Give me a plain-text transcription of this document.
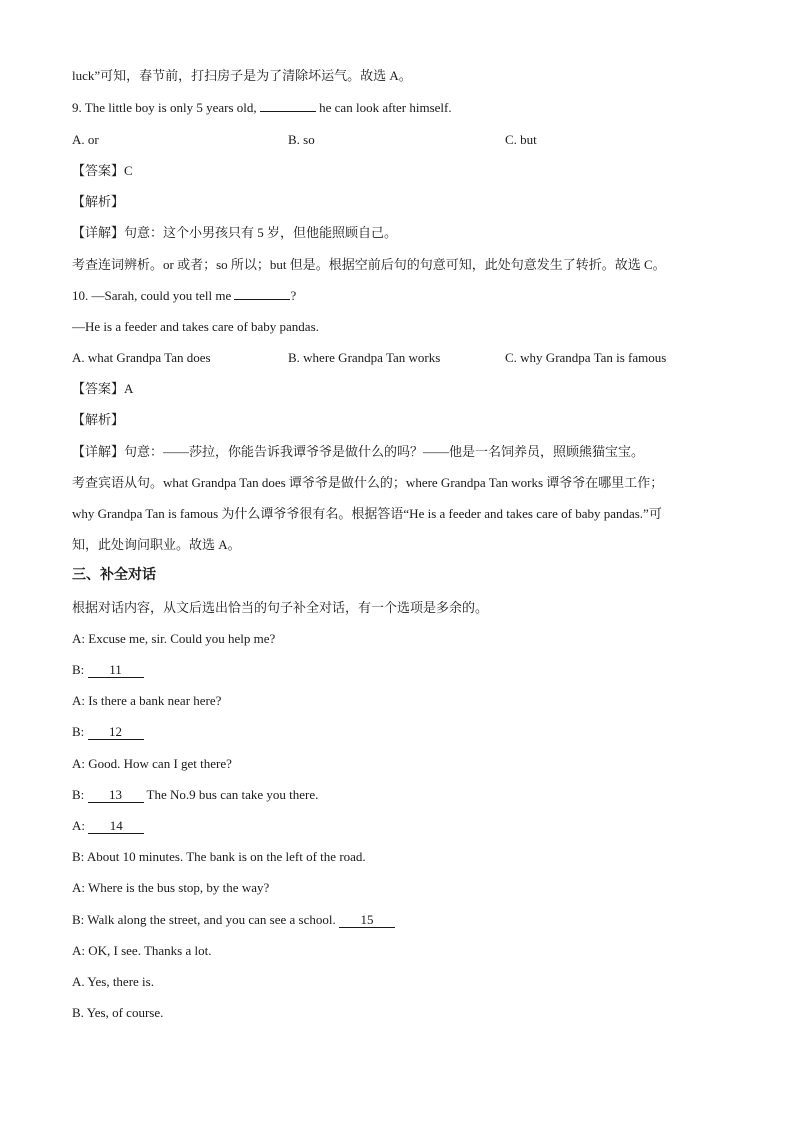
luck”可知，春节前，打扫房子是为了清除坏运气。故选 A。
9. The little boy is only 5 years old,	he can look after himself.
A. or	B. so	C. but
【答案】C
【解析】
【详解】句意：这个小男孩只有 5 岁，但他能照顾自己。
考查连词辨析。or 或者；so 所以；but 但是。根据空前后句的句意可知，此处句意发生了转折。故选 C。
10. —Sarah, could you tell me	?
—He is a feeder and takes care of baby pandas.
A. what Grandpa Tan does	B. where Grandpa Tan works	C. why Grandpa Tan is famous
【答案】A
【解析】
【详解】句意：——莎拉，你能告诉我谭爷爷是做什么的吗？——他是一名饲养员，照顾熊猫宝宝。
考查宾语从句。what Grandpa Tan does 谭爷爷是做什么的；where Grandpa Tan works 谭爷爷在哪里工作；
why Grandpa Tan is famous 为什么谭爷爷很有名。根据答语“He is a feeder and takes care of baby pandas.”可
知，此处询问职业。故选 A。
三、补全对话
根据对话内容，从文后选出恰当的句子补全对话，有一个选项是多余的。
A: Excuse me, sir. Could you help me?
B: 11
A: Is there a bank near here?
B: 12
A: Good. How can I get there?
B: 13 The No.9 bus can take you there.
A: 14
B: About 10 minutes. The bank is on the left of the road.
A: Where is the bus stop, by the way?
B: Walk along the street, and you can see a school. 15
A: OK, I see. Thanks a lot.
A. Yes, there is.
B. Yes, of course.
